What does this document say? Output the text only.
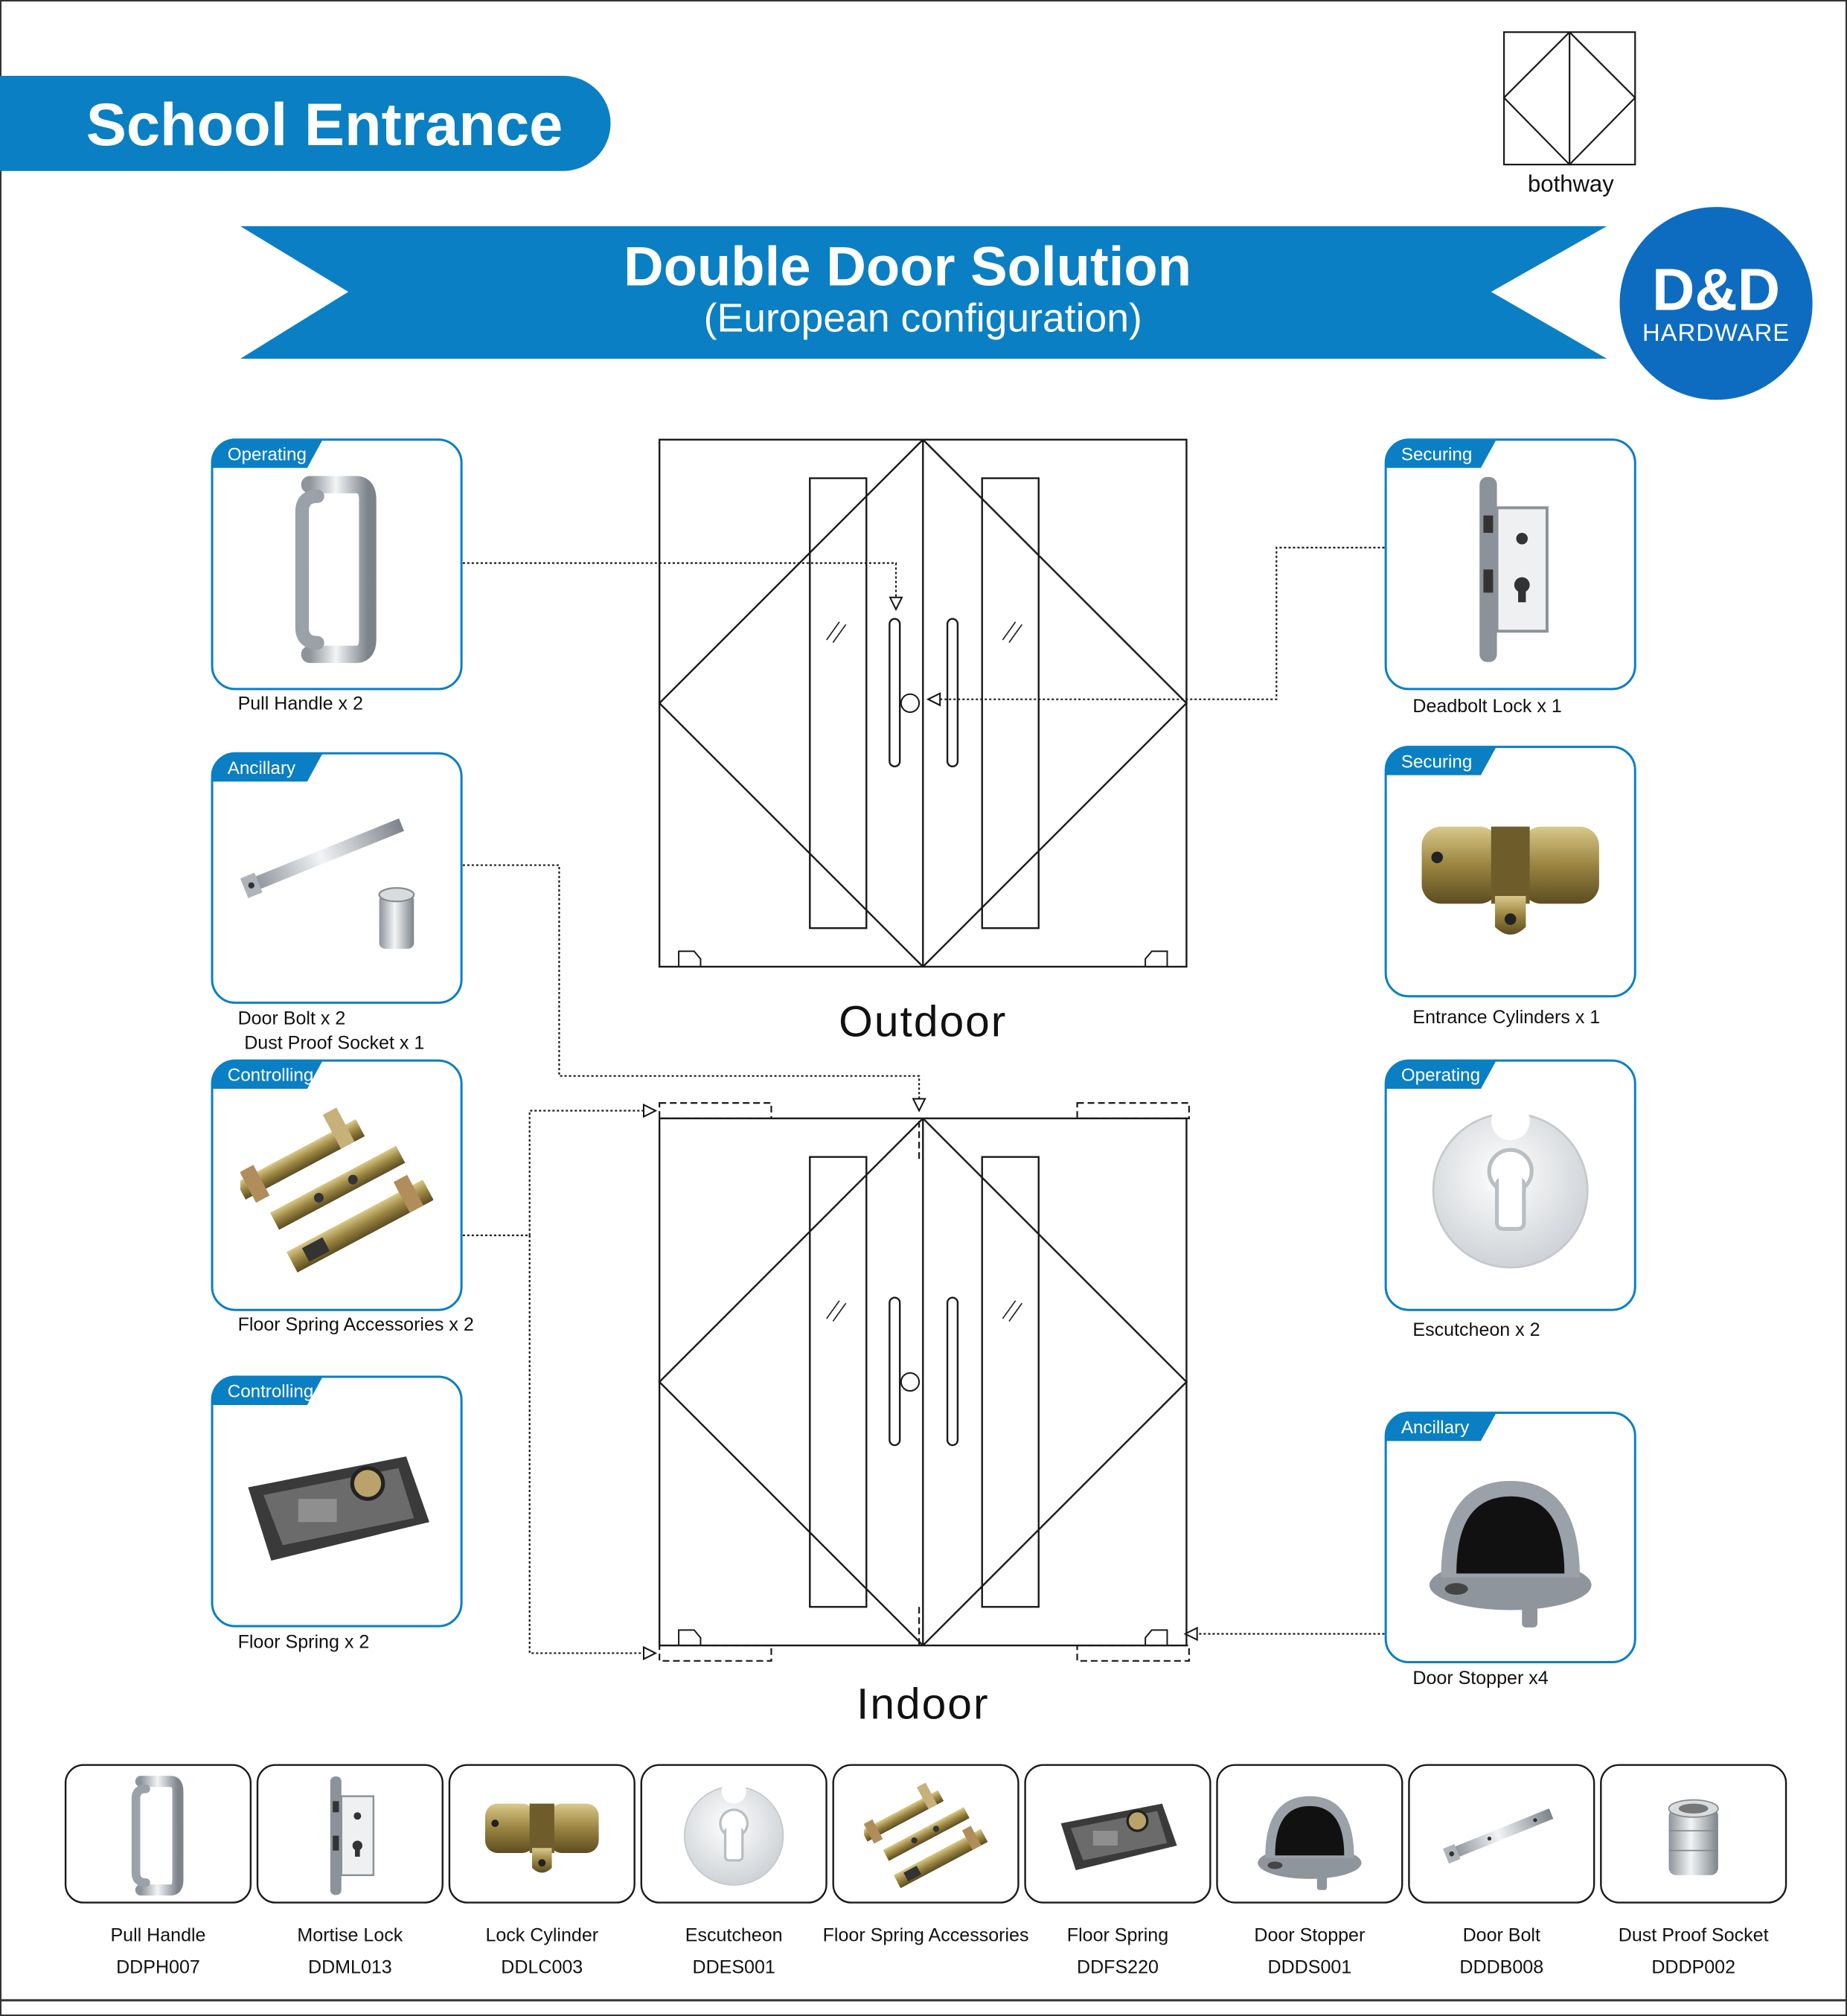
School Entrance
Double Door Solution
(European configuration)
bothway
D&D
HARDWARE
Outdoor
Indoor
Operating
Pull Handle x 2
Ancillary
Door Bolt x 2
Dust Proof Socket x 1
Controlling
Floor Spring Accessories x 2
Controlling
Floor Spring x 2
Securing
Deadbolt Lock x 1
Securing
Entrance Cylinders x 1
Operating
Escutcheon x 2
Ancillary
Door Stopper x4
Pull Handle
DDPH007
Mortise Lock
DDML013
Lock Cylinder
DDLC003
Escutcheon
DDES001
Floor Spring Accessories Floor Spring
DDFS220
Door Stopper
DDDS001
Door Bolt
DDDB008
Dust Proof Socket
DDDP002
